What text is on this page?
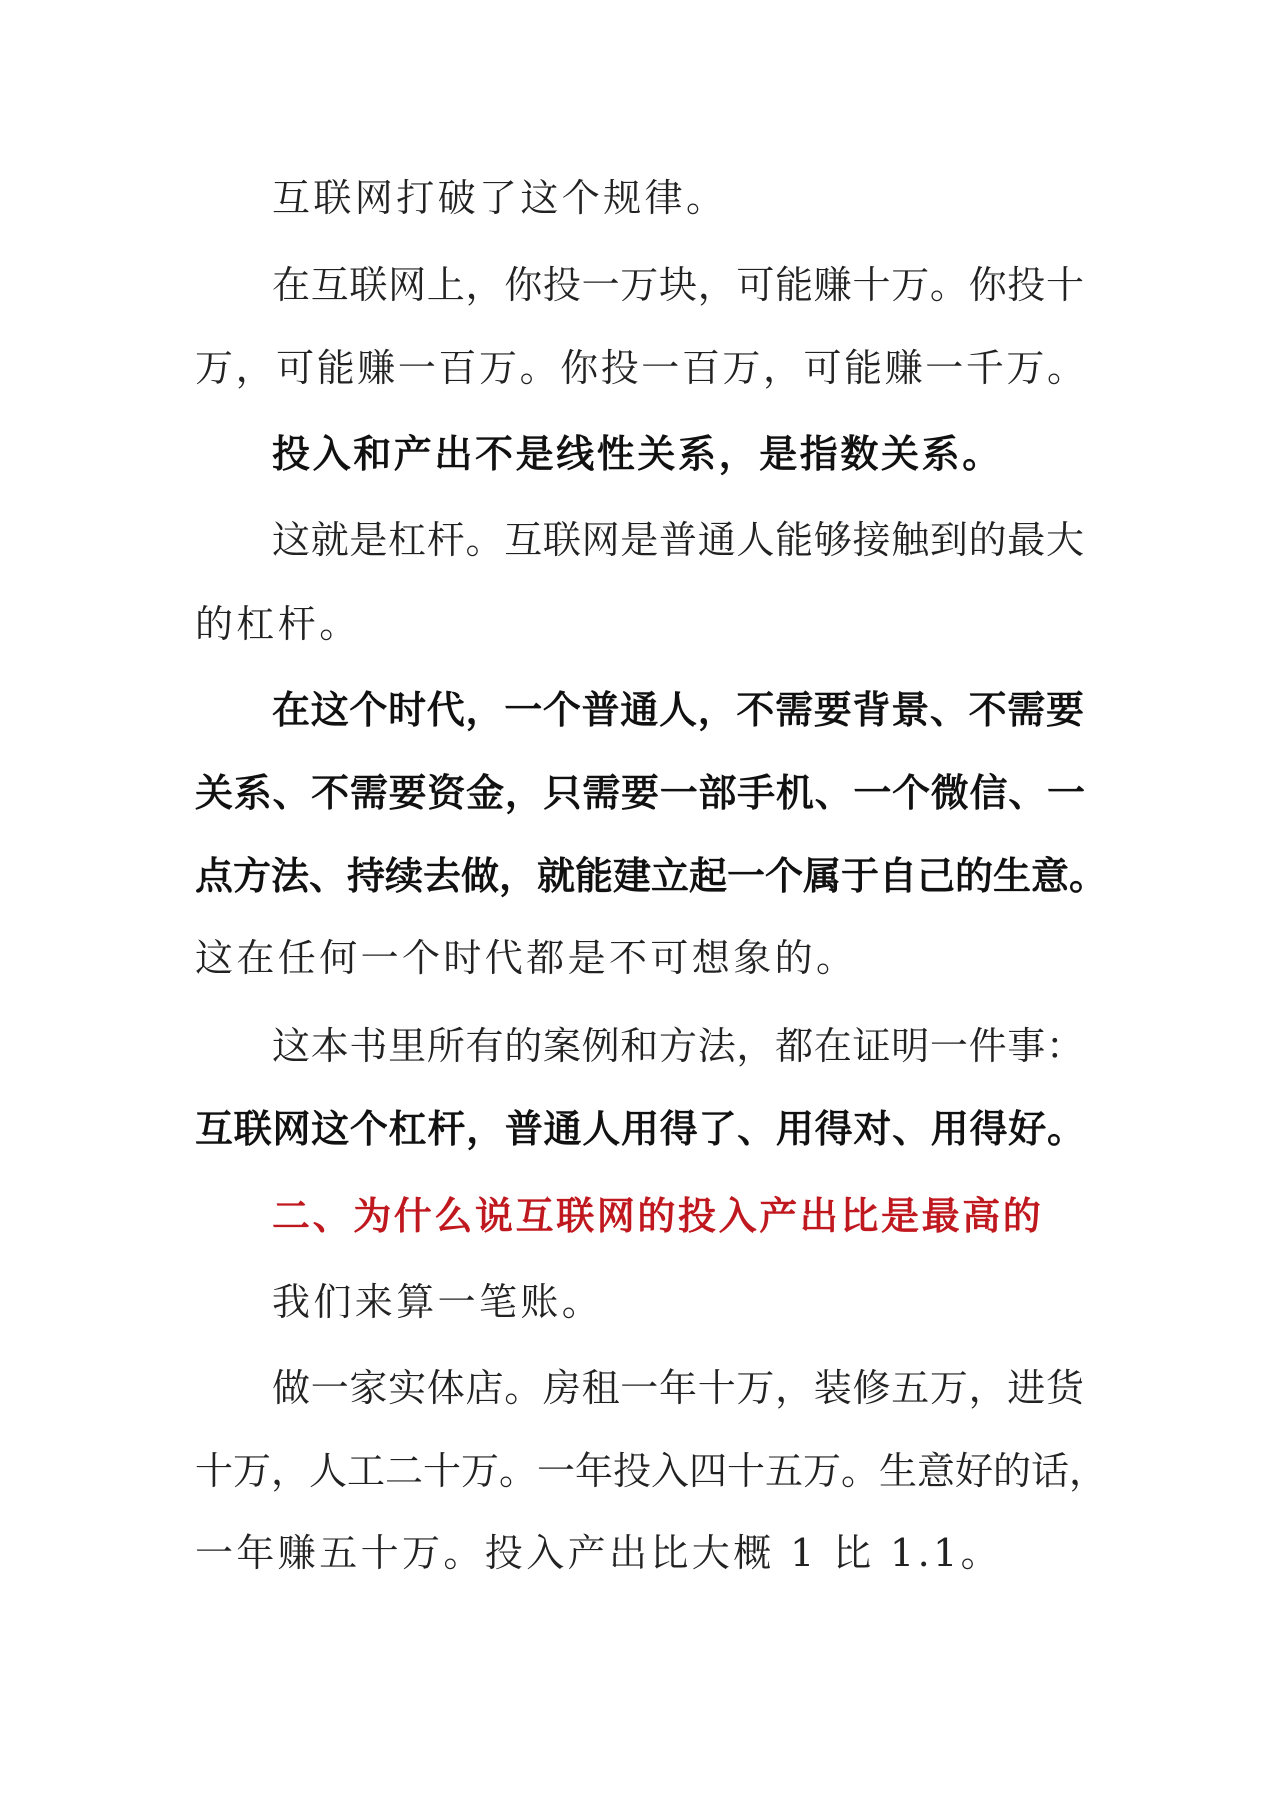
互联网打破了这个规律。
在互联网上，你投一万块，可能赚十万。你投十
万，可能赚一百万。你投一百万，可能赚一千万。
投入和产出不是线性关系，是指数关系。
这就是杠杆。互联网是普通人能够接触到的最大
的杠杆。
在这个时代，一个普通人，不需要背景、不需要
关系、不需要资金，只需要一部手机、一个微信、一
点方法、持续去做，就能建立起一个属于自己的生意。
这在任何一个时代都是不可想象的。
这本书里所有的案例和方法，都在证明一件事：
互联网这个杠杆，普通人用得了、用得对、用得好。
二、为什么说互联网的投入产出比是最高的
我们来算一笔账。
做一家实体店。房租一年十万，装修五万，进货
十万，人工二十万。一年投入四十五万。生意好的话，
一年赚五十万。投入产出比大概 1 比 1.1。
